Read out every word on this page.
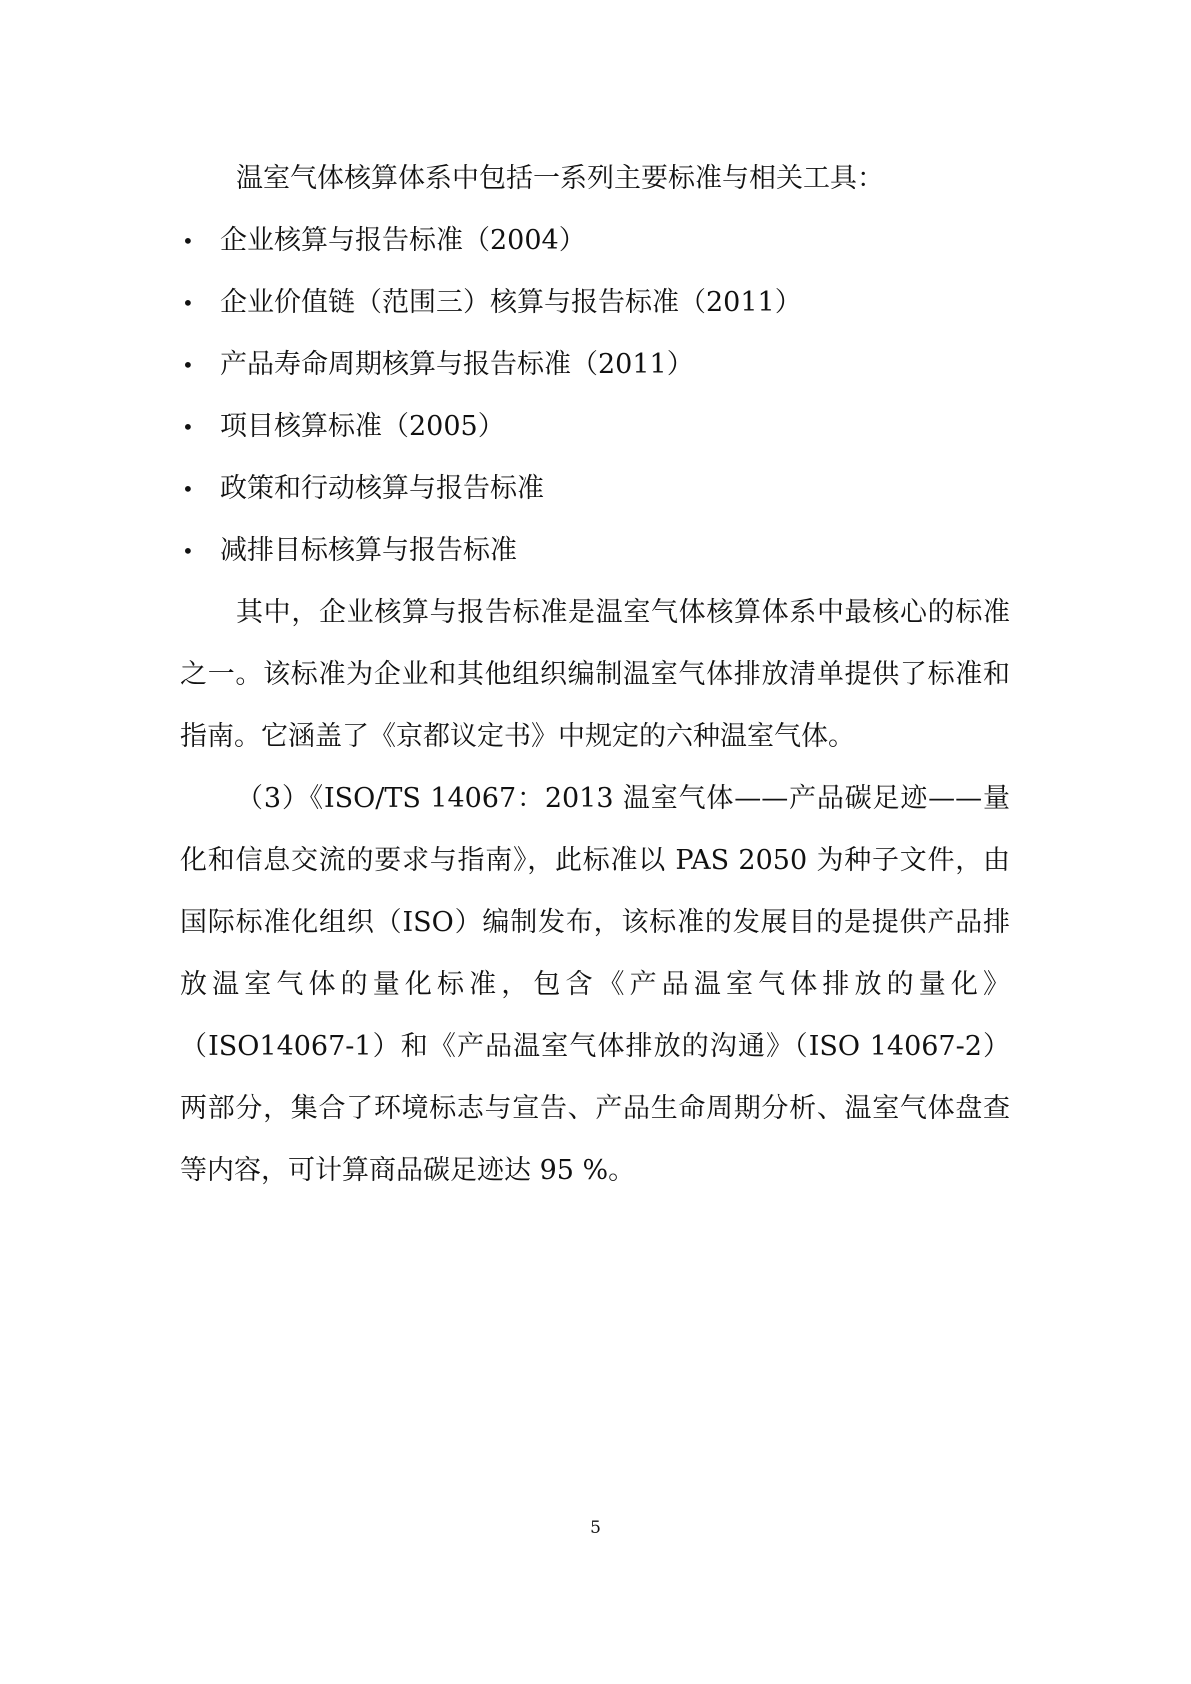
温室气体核算体系中包括一系列主要标准与相关工具：

• 企业核算与报告标准（2004）
• 企业价值链（范围三）核算与报告标准（2011）
• 产品寿命周期核算与报告标准（2011）
• 项目核算标准（2005）
• 政策和行动核算与报告标准
• 减排目标核算与报告标准

其中，企业核算与报告标准是温室气体核算体系中最核心的标准之一。该标准为企业和其他组织编制温室气体排放清单提供了标准和指南。它涵盖了《京都议定书》中规定的六种温室气体。

（3）《ISO/TS 14067：2013 温室气体——产品碳足迹——量化和信息交流的要求与指南》，此标准以 PAS 2050 为种子文件，由国际标准化组织（ISO）编制发布，该标准的发展目的是提供产品排放温室气体的量化标准，包含《产品温室气体排放的量化》（ISO14067-1）和《产品温室气体排放的沟通》（ISO 14067-2）两部分，集合了环境标志与宣告、产品生命周期分析、温室气体盘查等内容，可计算商品碳足迹达 95 %。

5
